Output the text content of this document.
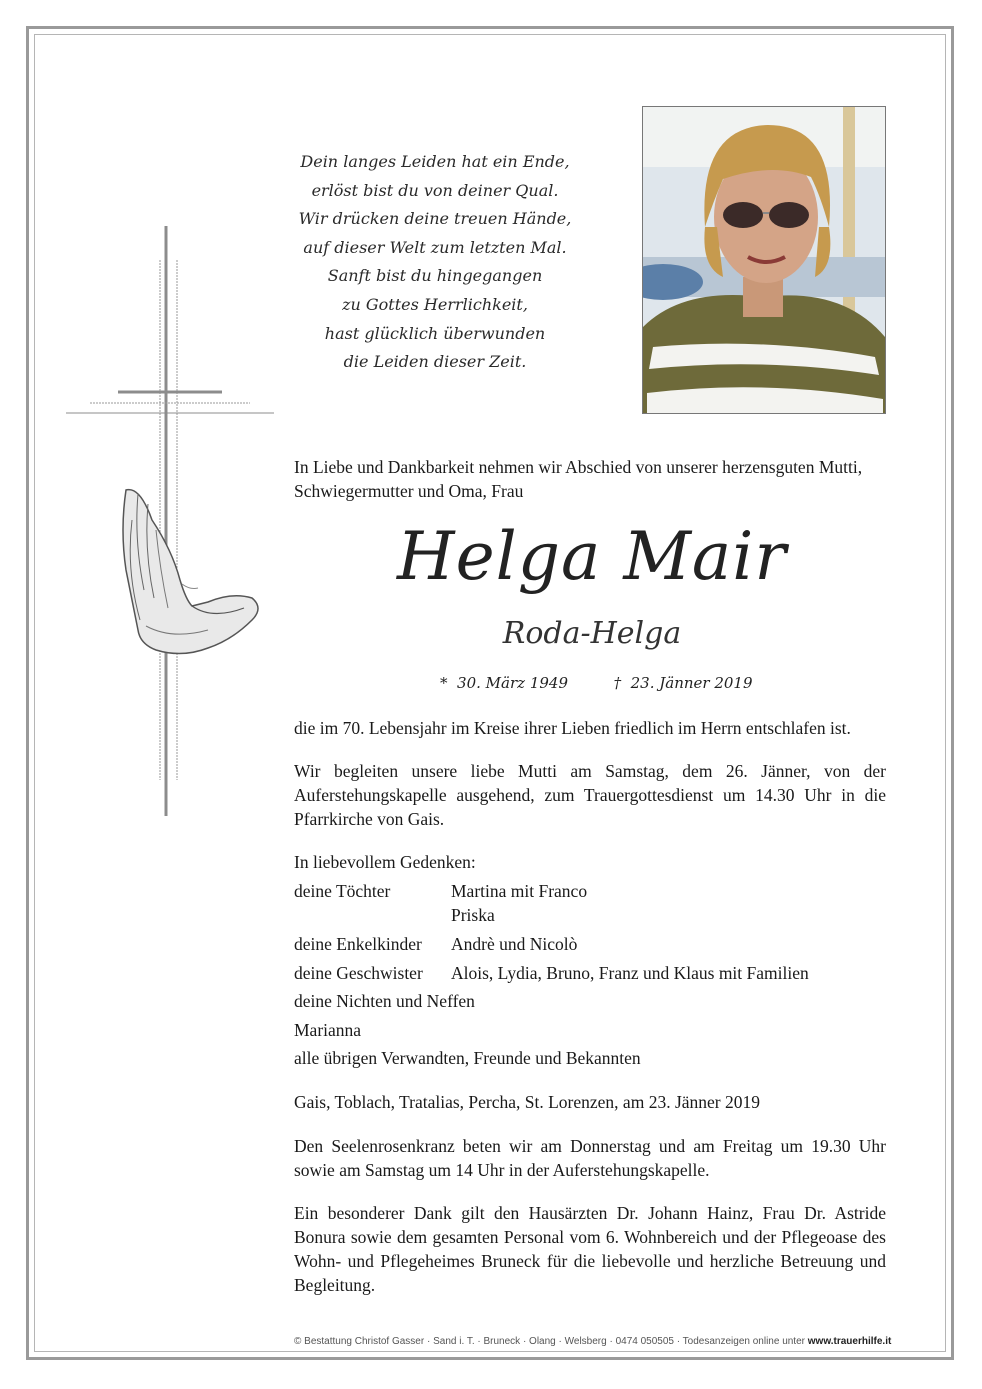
Dein langes Leiden hat ein Ende,
erlöst bist du von deiner Qual.
Wir drücken deine treuen Hände,
auf dieser Welt zum letzten Mal.
Sanft bist du hingegangen
zu Gottes Herrlichkeit,
hast glücklich überwunden
die Leiden dieser Zeit.
In Liebe und Dankbarkeit nehmen wir Abschied von unserer herzensguten Mutti, Schwiegermutter und Oma, Frau
Helga Mair
Roda-Helga
* 30. März 1949	† 23. Jänner 2019
die im 70. Lebensjahr im Kreise ihrer Lieben friedlich im Herrn entschlafen ist.
Wir begleiten unsere liebe Mutti am Samstag, dem 26. Jänner, von der Auferstehungskapelle ausgehend, zum Trauergottesdienst um 14.30 Uhr in die Pfarrkirche von Gais.
In liebevollem Gedenken:
deine Töchter	Martina mit Franco
Priska
deine Enkelkinder Andrè und Nicolò
deine Geschwister Alois, Lydia, Bruno, Franz und Klaus mit Familien
deine Nichten und Neffen
Marianna
alle übrigen Verwandten, Freunde und Bekannten
Gais, Toblach, Tratalias, Percha, St. Lorenzen, am 23. Jänner 2019
Den Seelenrosenkranz beten wir am Donnerstag und am Freitag um 19.30 Uhr sowie am Samstag um 14 Uhr in der Auferstehungskapelle.
Ein besonderer Dank gilt den Hausärzten Dr. Johann Hainz, Frau Dr. Astride Bonura sowie dem gesamten Personal vom 6. Wohnbereich und der Pflegeoase des Wohn- und Pflegeheimes Bruneck für die liebevolle und herzliche Betreuung und Begleitung.
© Bestattung Christof Gasser · Sand i. T. · Bruneck · Olang · Welsberg · 0474 050505 · Todesanzeigen online unter www.trauerhilfe.it
